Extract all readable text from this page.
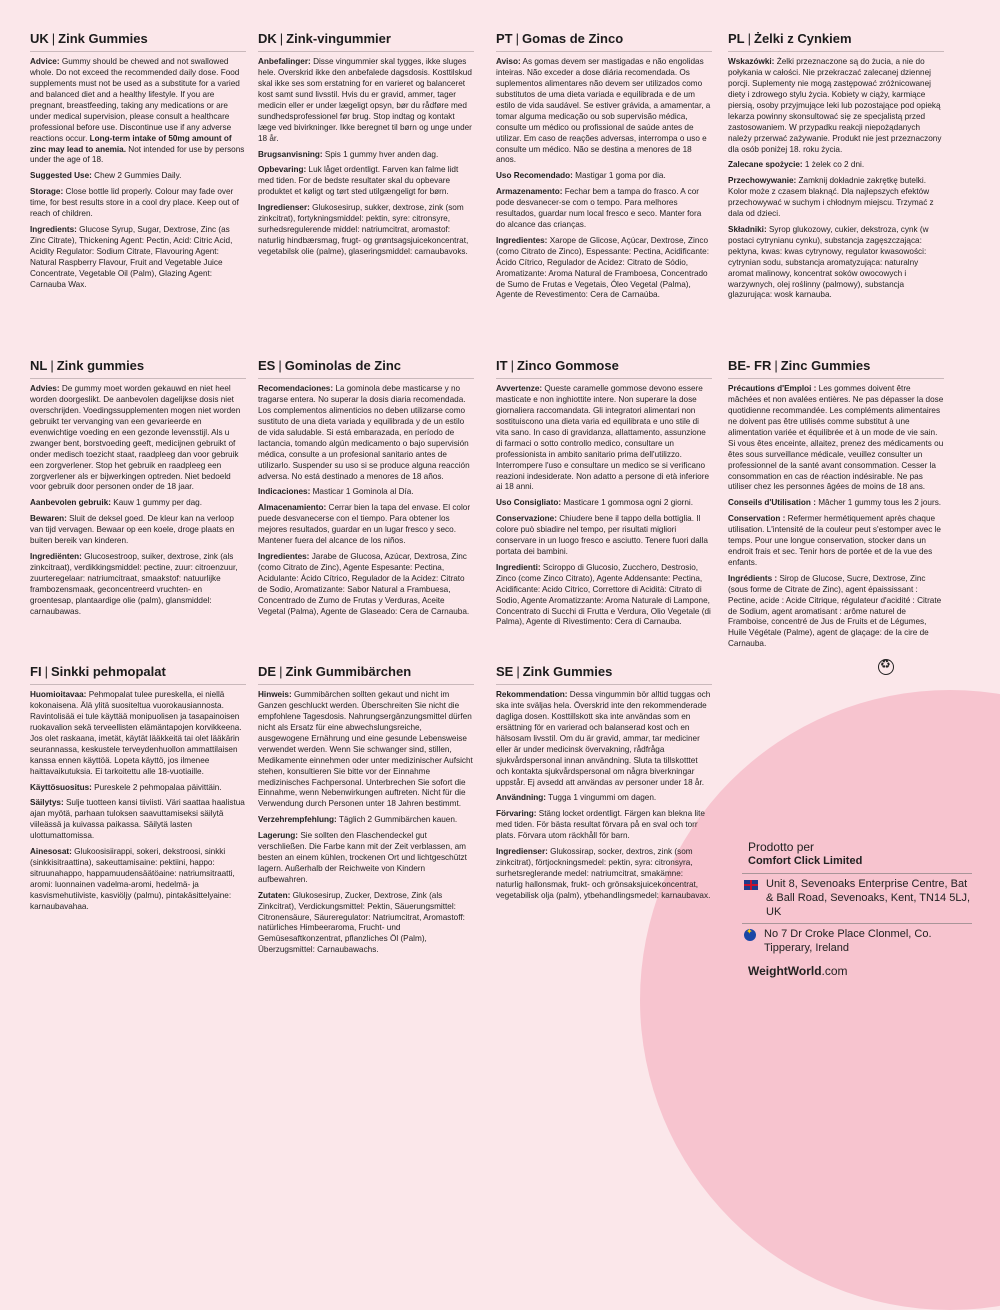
UK | Zink Gummies

Advice: Gummy should be chewed and not swallowed whole. Do not exceed the recommended daily dose. Food supplements must not be used as a substitute for a varied and balanced diet and a healthy lifestyle. If you are pregnant, breastfeeding, taking any medications or are under medical supervision, please consult a healthcare professional before use. Discontinue use if any adverse reactions occur. Long-term intake of 50mg amount of zinc may lead to anemia. Not intended for use by persons under the age of 18.

Suggested Use: Chew 2 Gummies Daily.

Storage: Close bottle lid properly. Colour may fade over time, for best results store in a cool dry place. Keep out of reach of children.

Ingredients: Glucose Syrup, Sugar, Dextrose, Zinc (as Zinc Citrate), Thickening Agent: Pectin, Acid: Citric Acid, Acidity Regulator: Sodium Citrate, Flavouring Agent: Natural Raspberry Flavour, Fruit and Vegetable Juice Concentrate, Vegetable Oil (Palm), Glazing Agent: Carnauba Wax.

DK | Zink-vingummier

Anbefalinger: Disse vingummier skal tygges, ikke sluges hele. Overskrid ikke den anbefalede dagsdosis. Kosttilskud skal ikke ses som erstatning for en varieret og balanceret kost samt sund livsstil. Hvis du er gravid, ammer, tager medicin eller er under lægeligt opsyn, bør du rådføre med sundhedsprofessionel før brug. Stop indtag og kontakt læge ved bivirkninger. Ikke beregnet til børn og unge under 18 år.

Brugsanvisning: Spis 1 gummy hver anden dag.

Opbevaring: Luk låget ordentligt. Farven kan falme lidt med tiden. For de bedste resultater skal du opbevare produktet et køligt og tørt sted utilgængeligt for børn.

Ingredienser: Glukosesirup, sukker, dextrose, zink (som zinkcitrat), fortykningsmiddel: pektin, syre: citronsyre, surhedsregulerende middel: natriumcitrat, aromastof: naturlig hindbærsmag, frugt- og grøntsagsjuicekoncentrat, vegetabilsk olie (palme), glaseringsmiddel: carnaubavoks.

PT | Gomas de Zinco

Aviso: As gomas devem ser mastigadas e não engolidas inteiras. Não exceder a dose diária recomendada. Os suplementos alimentares não devem ser utilizados como substitutos de uma dieta variada e equilibrada e de um estilo de vida saudável. Se estiver grávida, a amamentar, a tomar alguma medicação ou sob supervisão médica, consulte um médico ou profissional de saúde antes de utilizar. Em caso de reações adversas, interrompa o uso e consulte um médico. Não se destina a menores de 18 anos.

Uso Recomendado: Mastigar 1 goma por dia.

Armazenamento: Fechar bem a tampa do frasco. A cor pode desvanecer-se com o tempo. Para melhores resultados, guardar num local fresco e seco. Manter fora do alcance das crianças.

Ingredientes: Xarope de Glicose, Açúcar, Dextrose, Zinco (como Citrato de Zinco), Espessante: Pectina, Acidificante: Ácido Cítrico, Regulador de Acidez: Citrato de Sódio, Aromatizante: Aroma Natural de Framboesa, Concentrado de Sumo de Frutas e Vegetais, Óleo Vegetal (Palma), Agente de Revestimento: Cera de Carnaúba.

PL | Żelki z Cynkiem

Wskazówki: Żelki przeznaczone są do żucia, a nie do połykania w całości. Nie przekraczać zalecanej dziennej porcji. Suplementy nie mogą zastępować zróżnicowanej diety i zdrowego stylu życia. Kobiety w ciąży, karmiące piersią, osoby przyjmujące leki lub pozostające pod opieką lekarza powinny skonsultować się ze specjalistą przed zastosowaniem. W przypadku reakcji niepożądanych należy przerwać zażywanie. Produkt nie jest przeznaczony dla osób poniżej 18. roku życia.

Zalecane spożycie: 1 żelek co 2 dni.

Przechowywanie: Zamknij dokładnie zakrętkę butelki. Kolor może z czasem blaknąć. Dla najlepszych efektów przechowywać w suchym i chłodnym miejscu. Trzymać z dala od dzieci.

Składniki: Syrop glukozowy, cukier, dekstroza, cynk (w postaci cytrynianu cynku), substancja zagęszczająca: pektyna, kwas: kwas cytrynowy, regulator kwasowości: cytrynian sodu, substancja aromatyzująca: naturalny aromat malinowy, koncentrat soków owocowych i warzywnych, olej roślinny (palmowy), substancja glazurująca: wosk karnauba.

NL | Zink gummies

Advies: De gummy moet worden gekauwd en niet heel worden doorgeslikt. De aanbevolen dagelijkse dosis niet overschrijden. Voedingssupplementen mogen niet worden gebruikt ter vervanging van een gevarieerde en evenwichtige voeding en een gezonde levensstijl. Als u zwanger bent, borstvoeding geeft, medicijnen gebruikt of onder medisch toezicht staat, raadpleeg dan voor gebruik een zorgverlener. Stop het gebruik en raadpleeg een zorgverlener als er bijwerkingen optreden. Niet bedoeld voor gebruik door personen onder de 18 jaar.

Aanbevolen gebruik: Kauw 1 gummy per dag.

Bewaren: Sluit de deksel goed. De kleur kan na verloop van tijd vervagen. Bewaar op een koele, droge plaats en buiten bereik van kinderen.

Ingrediënten: Glucosestroop, suiker, dextrose, zink (als zinkcitraat), verdikkingsmiddel: pectine, zuur: citroenzuur, zuurteregelaar: natriumcitraat, smaakstof: natuurlijke frambozensmaak, geconcentreerd vruchten- en groentesap, plantaardige olie (palm), glansmiddel: carnaubawas.

ES | Gominolas de Zinc

Recomendaciones: La gominola debe masticarse y no tragarse entera. No superar la dosis diaria recomendada. Los complementos alimenticios no deben utilizarse como sustituto de una dieta variada y equilibrada y de un estilo de vida saludable. Si está embarazada, en período de lactancia, tomando algún medicamento o bajo supervisión médica, consulte a un profesional sanitario antes de utilizarlo. Suspender su uso si se produce alguna reacción adversa. No está destinado a menores de 18 años.

Indicaciones: Masticar 1 Gominola al Día.

Almacenamiento: Cerrar bien la tapa del envase. El color puede desvanecerse con el tiempo. Para obtener los mejores resultados, guardar en un lugar fresco y seco. Mantener fuera del alcance de los niños.

Ingredientes: Jarabe de Glucosa, Azúcar, Dextrosa, Zinc (como Citrato de Zinc), Agente Espesante: Pectina, Acidulante: Ácido Cítrico, Regulador de la Acidez: Citrato de Sodio, Aromatizante: Sabor Natural a Frambuesa, Concentrado de Zumo de Frutas y Verduras, Aceite Vegetal (Palma), Agente de Glaseado: Cera de Carnauba.

IT | Zinco Gommose

Avvertenze: Queste caramelle gommose devono essere masticate e non inghiottite intere. Non superare la dose giornaliera raccomandata. Gli integratori alimentari non sostituiscono una dieta varia ed equilibrata e uno stile di vita sano. In caso di gravidanza, allattamento, assunzione di farmaci o sotto controllo medico, consultare un professionista in ambito sanitario prima dell'utilizzo. Interrompere l'uso e consultare un medico se si verificano reazioni indesiderate. Non adatto a persone di età inferiore ai 18 anni.

Uso Consigliato: Masticare 1 gommosa ogni 2 giorni.

Conservazione: Chiudere bene il tappo della bottiglia. Il colore può sbiadire nel tempo, per risultati migliori conservare in un luogo fresco e asciutto. Tenere fuori dalla portata dei bambini.

Ingredienti: Sciroppo di Glucosio, Zucchero, Destrosio, Zinco (come Zinco Citrato), Agente Addensante: Pectina, Acidificante: Acido Citrico, Correttore di Acidità: Citrato di Sodio, Agente Aromatizzante: Aroma Naturale di Lampone, Concentrato di Succhi di Frutta e Verdura, Olio Vegetale (di Palma), Agente di Rivestimento: Cera di Carnauba.

BE- FR | Zinc Gummies

Précautions d'Emploi : Les gommes doivent être mâchées et non avalées entières. Ne pas dépasser la dose quotidienne recommandée. Les compléments alimentaires ne doivent pas être utilisés comme substitut à une alimentation variée et équilibrée et à un mode de vie sain. Si vous êtes enceinte, allaitez, prenez des médicaments ou êtes sous surveillance médicale, veuillez consulter un professionnel de la santé avant consommation. Cesser la consommation en cas de réaction indésirable. Ne pas utiliser chez les personnes âgées de moins de 18 ans.

Conseils d'Utilisation : Mâcher 1 gummy tous les 2 jours.

Conservation : Refermer hermétiquement après chaque utilisation. L'intensité de la couleur peut s'estomper avec le temps. Pour une longue conservation, stocker dans un endroit frais et sec. Tenir hors de portée et de la vue des enfants.

Ingrédients : Sirop de Glucose, Sucre, Dextrose, Zinc (sous forme de Citrate de Zinc), agent épaississant : Pectine, acide : Acide Citrique, régulateur d'acidité : Citrate de Sodium, agent aromatisant : arôme naturel de Framboise, concentré de Jus de Fruits et de Légumes, Huile Végétale (Palme), agent de glaçage: de la cire de Carnauba.

♻
FI | Sinkki pehmopalat

Huomioitavaa: Pehmopalat tulee pureskella, ei niellä kokonaisena. Älä ylitä suositeltua vuorokausiannosta. Ravintolisää ei tule käyttää monipuolisen ja tasapainoisen ruokavalion sekä terveellisten elämäntapojen korvikkeena. Jos olet raskaana, imetät, käytät lääkkeitä tai olet lääkärin seurannassa, keskustele terveydenhuollon ammattilaisen kanssa ennen käyttöä. Lopeta käyttö, jos ilmenee haittavaikutuksia. Ei tarkoitettu alle 18-vuotiaille.

Käyttösuositus: Pureskele 2 pehmopalaa päivittäin.

Säilytys: Sulje tuotteen kansi tiiviisti. Väri saattaa haalistua ajan myötä, parhaan tuloksen saavuttamiseksi säilytä viileässä ja kuivassa paikassa. Säilytä lasten ulottumattomissa.

Ainesosat: Glukoosisiirappi, sokeri, dekstroosi, sinkki (sinkkisitraattina), sakeuttamisaine: pektiini, happo: sitruunahappo, happamuudensäätöaine: natriumsitraatti, aromi: luonnainen vadelma-aromi, hedelmä- ja kasvismehutiiviste, kasviöljy (palmu), pintakäsittelyaine: karnaubavahaa.

DE | Zink Gummibärchen

Hinweis: Gummibärchen sollten gekaut und nicht im Ganzen geschluckt werden. Überschreiten Sie nicht die empfohlene Tagesdosis. Nahrungsergänzungsmittel dürfen nicht als Ersatz für eine abwechslungsreiche, ausgewogene Ernährung und eine gesunde Lebensweise verwendet werden. Wenn Sie schwanger sind, stillen, Medikamente einnehmen oder unter medizinischer Aufsicht stehen, konsultieren Sie bitte vor der Einnahme medizinisches Fachpersonal. Unterbrechen Sie sofort die Einnahme, wenn Nebenwirkungen auftreten. Nicht für die Verwendung durch Personen unter 18 Jahren bestimmt.

Verzehrempfehlung: Täglich 2 Gummibärchen kauen.

Lagerung: Sie sollten den Flaschendeckel gut verschließen. Die Farbe kann mit der Zeit verblassen, am besten an einem kühlen, trockenen Ort und lichtgeschützt lagern. Außerhalb der Reichweite von Kindern aufbewahren.

Zutaten: Glukosesirup, Zucker, Dextrose, Zink (als Zinkcitrat), Verdickungsmittel: Pektin, Säuerungsmittel: Citronensäure, Säureregulator: Natriumcitrat, Aromastoff: natürliches Himbeeraroma, Frucht- und Gemüsesaftkonzentrat, pflanzliches Öl (Palm), Überzugsmittel: Carnaubawachs.

SE | Zink Gummies

Rekommendation: Dessa vingummin bör alltid tuggas och ska inte sväljas hela. Överskrid inte den rekommenderade dagliga dosen. Kosttillskott ska inte användas som en ersättning för en varierad och balanserad kost och en hälsosam livsstil. Om du är gravid, ammar, tar mediciner eller är under medicinsk övervakning, rådfråga sjukvårdspersonal innan användning. Sluta ta tillskotttet och kontakta sjukvårdspersonal om några biverkningar uppstår. Ej avsedd att användas av personer under 18 år.

Användning: Tugga 1 vingummi om dagen.

Förvaring: Stäng locket ordentligt. Färgen kan blekna lite med tiden. För bästa resultat förvara på en sval och torr plats. Förvara utom räckhåll för barn.

Ingredienser: Glukossirap, socker, dextros, zink (som zinkcitrat), förtjockningsmedel: pektin, syra: citronsyra, surhetsreglerande medel: natriumcitrat, smakämne: naturlig hallonsmak, frukt- och grönsaksjuicekoncentrat, vegetabilisk olja (palm), ytbehandlingsmedel: karnaubavax.

Prodotto per
Comfort Click Limited
Unit 8, Sevenoaks Enterprise Centre, Bat & Ball Road, Sevenoaks, Kent, TN14 5LJ, UK
✦
No 7 Dr Croke Place Clonmel, Co. Tipperary, Ireland
WeightWorld.com
